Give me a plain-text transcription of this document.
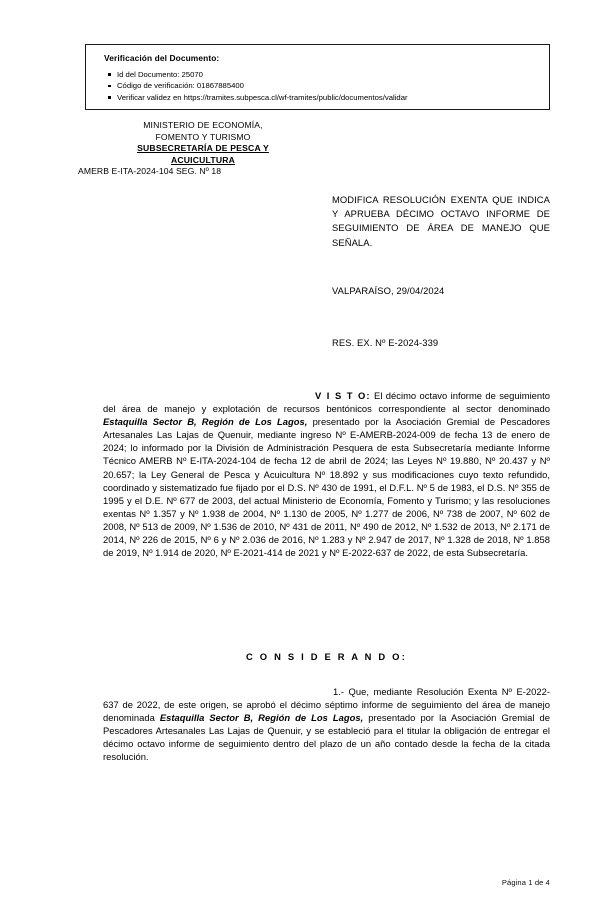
Verificación del Documento:
Id del Documento: 25070
Código de verificación: 01867885400
Verificar validez en https://tramites.subpesca.cl/wf-tramites/public/documentos/validar
MINISTERIO DE ECONOMÍA,
FOMENTO Y TURISMO
SUBSECRETARÍA DE PESCA Y
ACUICULTURA
AMERB E-ITA-2024-104 SEG. Nº 18
MODIFICA RESOLUCIÓN EXENTA QUE INDICA Y APRUEBA DÉCIMO OCTAVO INFORME DE SEGUIMIENTO DE ÁREA DE MANEJO QUE SEÑALA.
VALPARAÍSO, 29/04/2024
RES. EX. Nº E-2024-339

V I S T O: El décimo octavo informe de seguimiento del área de manejo y explotación de recursos bentónicos correspondiente al sector denominado Estaquilla Sector B, Región de Los Lagos, presentado por la Asociación Gremial de Pescadores Artesanales Las Lajas de Quenuir, mediante ingreso Nº E-AMERB-2024-009 de fecha 13 de enero de 2024; lo informado por la División de Administración Pesquera de esta Subsecretaría mediante Informe Técnico AMERB Nº E-ITA-2024-104 de fecha 12 de abril de 2024; las Leyes Nº 19.880, Nº 20.437 y Nº 20.657; la Ley General de Pesca y Acuicultura Nº 18.892 y sus modificaciones cuyo texto refundido, coordinado y sistematizado fue fijado por el D.S. Nº 430 de 1991, el D.F.L. Nº 5 de 1983, el D.S. Nº 355 de 1995 y el D.E. Nº 677 de 2003, del actual Ministerio de Economía, Fomento y Turismo; y las resoluciones exentas Nº 1.357 y Nº 1.938 de 2004, Nº 1.130 de 2005, Nº 1.277 de 2006, Nº 738 de 2007, Nº 602 de 2008, Nº 513 de 2009, Nº 1.536 de 2010, Nº 431 de 2011, Nº 490 de 2012, Nº 1.532 de 2013, Nº 2.171 de 2014, Nº 226 de 2015, Nº 6 y Nº 2.036 de 2016, Nº 1.283 y Nº 2.947 de 2017, Nº 1.328 de 2018, Nº 1.858 de 2019, Nº 1.914 de 2020, Nº E-2021-414 de 2021 y Nº E-2022-637 de 2022, de esta Subsecretaría.

C O N S I D E R A N D O:

1.- Que, mediante Resolución Exenta Nº E-2022-637 de 2022, de este origen, se aprobó el décimo séptimo informe de seguimiento del área de manejo denominada Estaquilla Sector B, Región de Los Lagos, presentado por la Asociación Gremial de Pescadores Artesanales Las Lajas de Quenuir, y se estableció para el titular la obligación de entregar el décimo octavo informe de seguimiento dentro del plazo de un año contado desde la fecha de la citada resolución.

Página 1 de 4
